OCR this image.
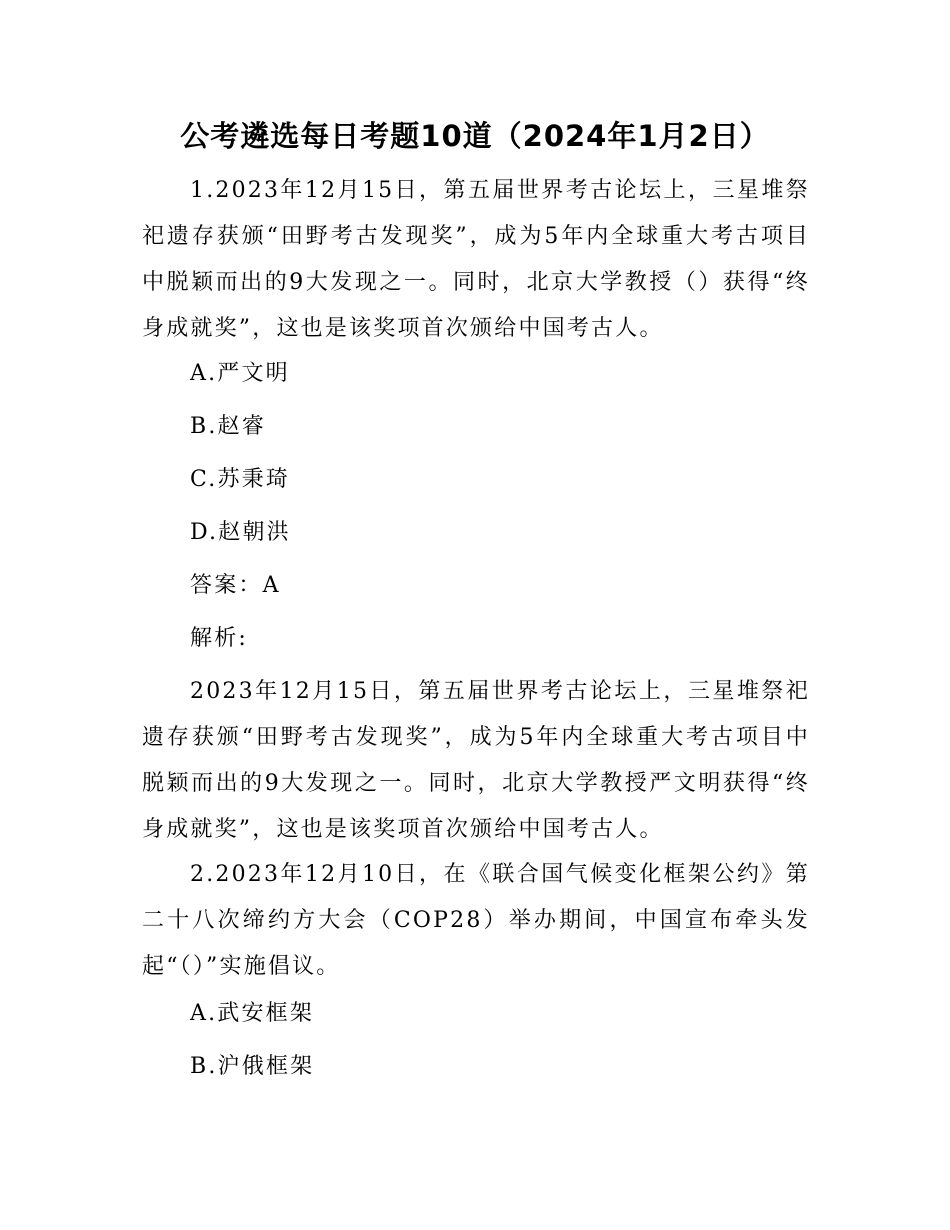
公考遴选每日考题10道（2024年1月2日）

1.2023年12月15日，第五届世界考古论坛上，三星堆祭祀遗存获颁“田野考古发现奖”，成为5年内全球重大考古项目中脱颖而出的9大发现之一。同时，北京大学教授（）获得“终身成就奖”，这也是该奖项首次颁给中国考古人。

A.严文明

B.赵睿

C.苏秉琦

D.赵朝洪

答案：A

解析:

2023年12月15日，第五届世界考古论坛上，三星堆祭祀遗存获颁“田野考古发现奖”，成为5年内全球重大考古项目中脱颖而出的9大发现之一。同时，北京大学教授严文明获得“终身成就奖”，这也是该奖项首次颁给中国考古人。

2.2023年12月10日，在《联合国气候变化框架公约》第二十八次缔约方大会（COP28）举办期间，中国宣布牵头发起“（）”实施倡议。

A.武安框架

B.沪俄框架
